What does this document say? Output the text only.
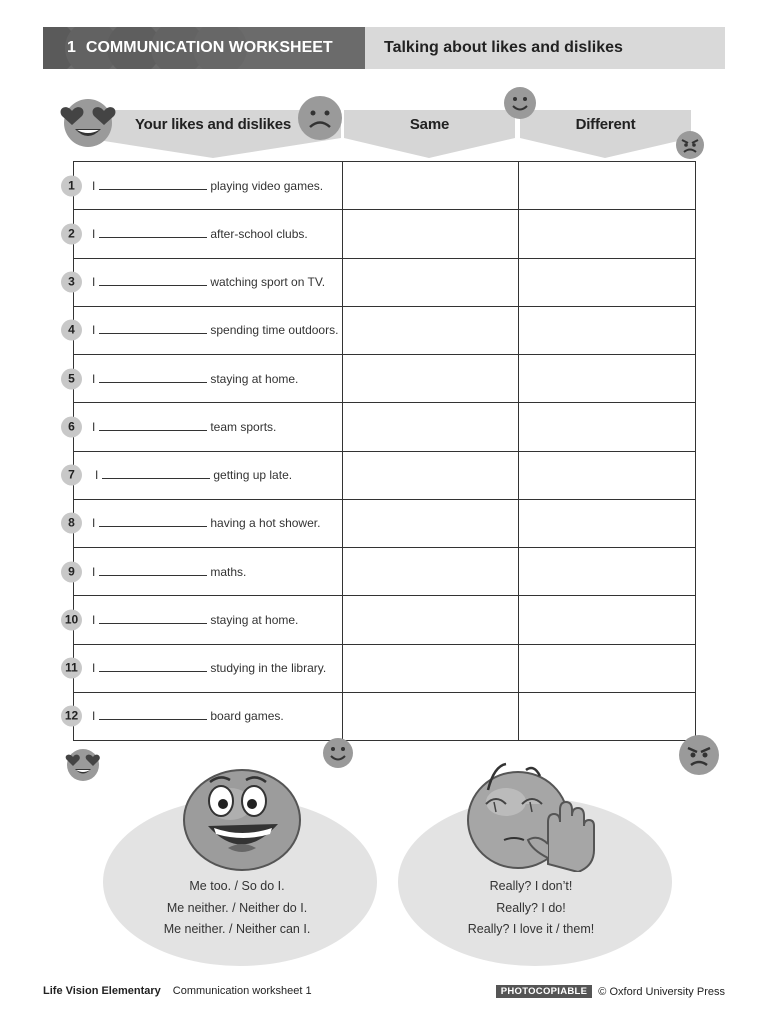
1 COMMUNICATION WORKSHEET	Talking about likes and dislikes
Your likes and dislikes	Same	Different
1 I playing video games.		

2 I after-school clubs.		

3 I watching sport on TV.		

4 I spending time outdoors.		

5 I staying at home.		

6 I team sports.		

7 I getting up late.		

8 I having a hot shower.		

9 I maths.		

10 I staying at home.		

11 I studying in the library.		

12 I board games.		

Me too. / So do I.
Me neither. / Neither do I.
Me neither. / Neither can I.
Really? I don’t!
Really? I do!
Really? I love it / them!
Life Vision Elementary Communication worksheet 1	PHOTOCOPIABLE	© Oxford University Press
